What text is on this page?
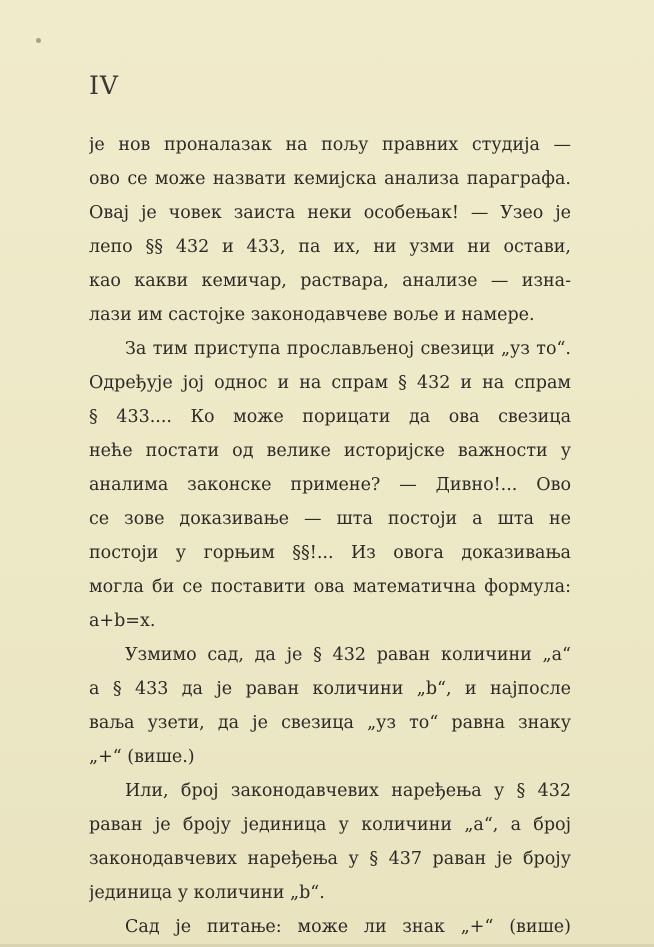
IV
је нов проналазак на пољу правних студија —
ово се може назвати кемијска анализа параграфа.
Овај је човек заиста неки особењак! — Узео је
лепо §§ 432 и 433, па их, ни узми ни остави,
као какви кемичар, раствара, анализе — изна-
лази им састојке законодавчеве воље и намере.
За тим приступа прослављеној свезици „уз то“.
Одређује јој однос и на спрам § 432 и на спрам
§ 433.... Ко може порицати да ова свезица
неће постати од велике историјске важности у
аналима законске примене? — Дивно!... Ово
се зове доказивање — шта постоји а шта не
постоји у горњим §§!... Из овога доказивања
могла би се поставити ова математична формула:
a+b=x.
Узмимо сад, да је § 432 раван количини „a“
а § 433 да је раван количини „b“, и најпосле
ваља узети, да је свезица „уз то“ равна знаку
„+“ (више.)
Или, број законодавчевих наређења у § 432
раван је броју јединица у количини „a“, а број
законодавчевих наређења у § 437 раван је броју
јединица у количини „b“.
Сад је питање: може ли знак „+“ (више)
